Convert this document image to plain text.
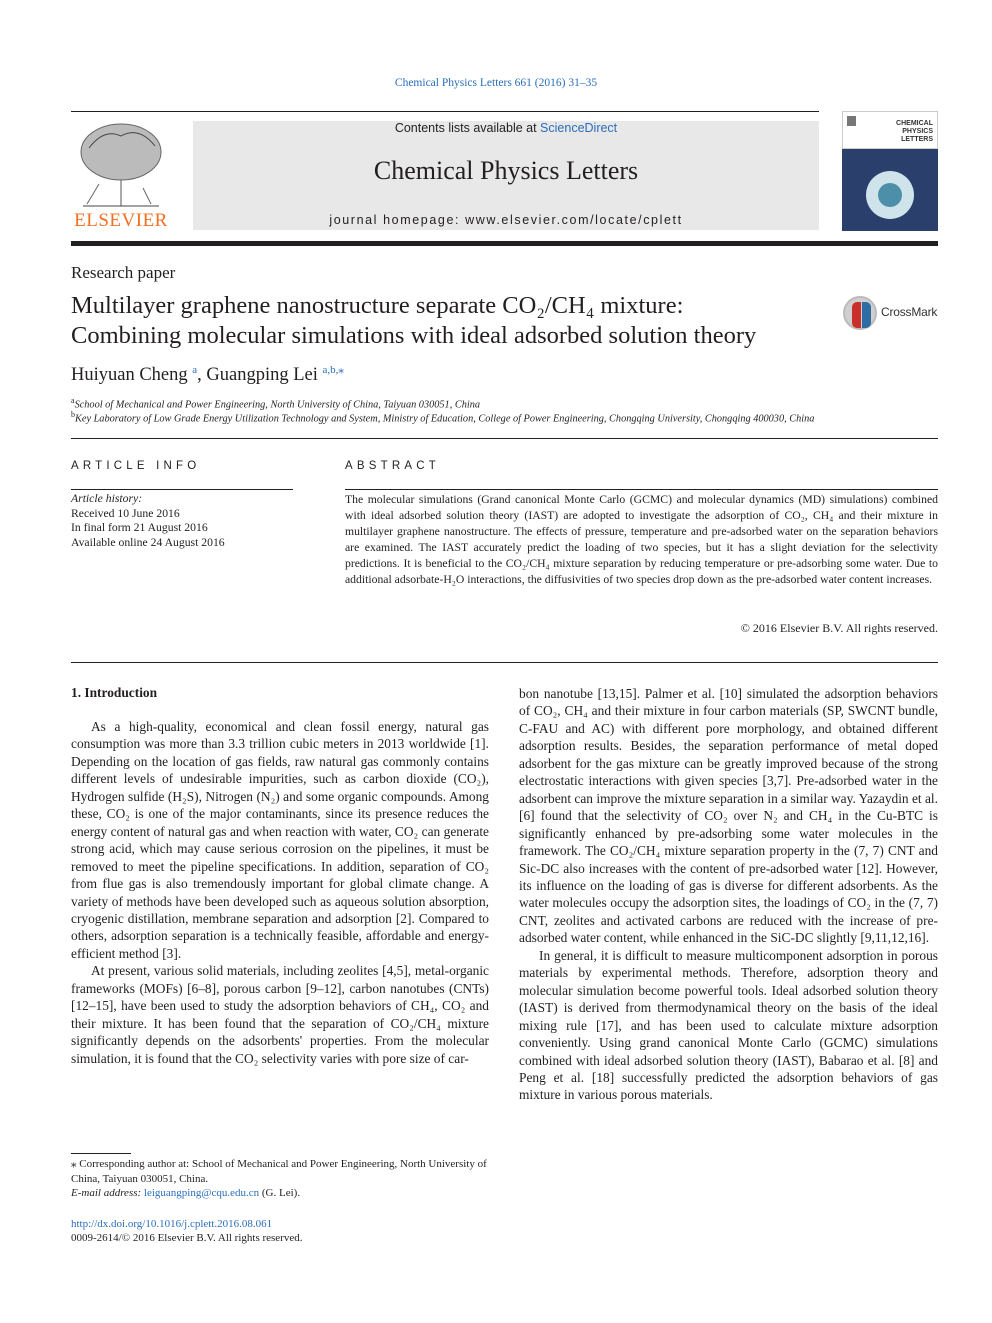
Chemical Physics Letters 661 (2016) 31–35
ELSEVIER
Contents lists available at ScienceDirect
Chemical Physics Letters
journal homepage: www.elsevier.com/locate/cplett
CHEMICAL
PHYSICS
LETTERS
Research paper
Multilayer graphene nanostructure separate CO₂/CH₄ mixture:
Combining molecular simulations with ideal adsorbed solution theory
CrossMark
Huiyuan Cheng $^a$, Guangping Lei $^{a,b,⁎}$
$^a$School of Mechanical and Power Engineering, North University of China, Taiyuan 030051, China
$^b$Key Laboratory of Low Grade Energy Utilization Technology and System, Ministry of Education, College of Power Engineering, Chongqing University, Chongqing 400030, China
ARTICLE INFO
Article history:
Received 10 June 2016
In final form 21 August 2016
Available online 24 August 2016
ABSTRACT
The molecular simulations (Grand canonical Monte Carlo (GCMC) and molecular dynamics (MD) simulations) combined with ideal adsorbed solution theory (IAST) are adopted to investigate the adsorption of CO₂, CH₄ and their mixture in multilayer graphene nanostructure. The effects of pressure, temperature and pre-adsorbed water on the separation behaviors are examined. The IAST accurately predict the loading of two species, but it has a slight deviation for the selectivity predictions. It is beneficial to the CO₂/CH₄ mixture separation by reducing temperature or pre-adsorbing some water. Due to additional adsorbate-H₂O interactions, the diffusivities of two species drop down as the pre-adsorbed water content increases.
© 2016 Elsevier B.V. All rights reserved.
1. Introduction

As a high-quality, economical and clean fossil energy, natural gas consumption was more than 3.3 trillion cubic meters in 2013 worldwide [1]. Depending on the location of gas fields, raw natural gas commonly contains different levels of undesirable impurities, such as carbon dioxide (CO₂), Hydrogen sulfide (H₂S), Nitrogen (N₂) and some organic compounds. Among these, CO₂ is one of the major contaminants, since its presence reduces the energy content of natural gas and when reaction with water, CO₂ can generate strong acid, which may cause serious corrosion on the pipelines, it must be removed to meet the pipeline specifications. In addition, separation of CO₂ from flue gas is also tremendously important for global climate change. A variety of methods have been developed such as aqueous solution absorption, cryogenic distillation, membrane separation and adsorption [2]. Compared to others, adsorption separation is a technically feasible, affordable and energy-efficient method [3].

At present, various solid materials, including zeolites [4,5], metal-organic frameworks (MOFs) [6–8], porous carbon [9–12], carbon nanotubes (CNTs) [12–15], have been used to study the adsorption behaviors of CH₄, CO₂ and their mixture. It has been found that the separation of CO₂/CH₄ mixture significantly depends on the adsorbents' properties. From the molecular simulation, it is found that the CO₂ selectivity varies with pore size of car-

bon nanotube [13,15]. Palmer et al. [10] simulated the adsorption behaviors of CO₂, CH₄ and their mixture in four carbon materials (SP, SWCNT bundle, C-FAU and AC) with different pore morphology, and obtained different adsorption results. Besides, the separation performance of metal doped adsorbent for the gas mixture can be greatly improved because of the strong electrostatic interactions with given species [3,7]. Pre-adsorbed water in the adsorbent can improve the mixture separation in a similar way. Yazaydin et al. [6] found that the selectivity of CO₂ over N₂ and CH₄ in the Cu-BTC is significantly enhanced by pre-adsorbing some water molecules in the framework. The CO₂/CH₄ mixture separation property in the (7, 7) CNT and Sic-DC also increases with the content of pre-adsorbed water [12]. However, its influence on the loading of gas is diverse for different adsorbents. As the water molecules occupy the adsorption sites, the loadings of CO₂ in the (7, 7) CNT, zeolites and activated carbons are reduced with the increase of pre-adsorbed water content, while enhanced in the SiC-DC slightly [9,11,12,16].

In general, it is difficult to measure multicomponent adsorption in porous materials by experimental methods. Therefore, adsorption theory and molecular simulation become powerful tools. Ideal adsorbed solution theory (IAST) is derived from thermodynamical theory on the basis of the ideal mixing rule [17], and has been used to calculate mixture adsorption conveniently. Using grand canonical Monte Carlo (GCMC) simulations combined with ideal adsorbed solution theory (IAST), Babarao et al. [8] and Peng et al. [18] successfully predicted the adsorption behaviors of gas mixture in various porous materials.

⁎ Corresponding author at: School of Mechanical and Power Engineering, North University of China, Taiyuan 030051, China.
E-mail address: leiguangping@cqu.edu.cn (G. Lei).
http://dx.doi.org/10.1016/j.cplett.2016.08.061
0009-2614/© 2016 Elsevier B.V. All rights reserved.
